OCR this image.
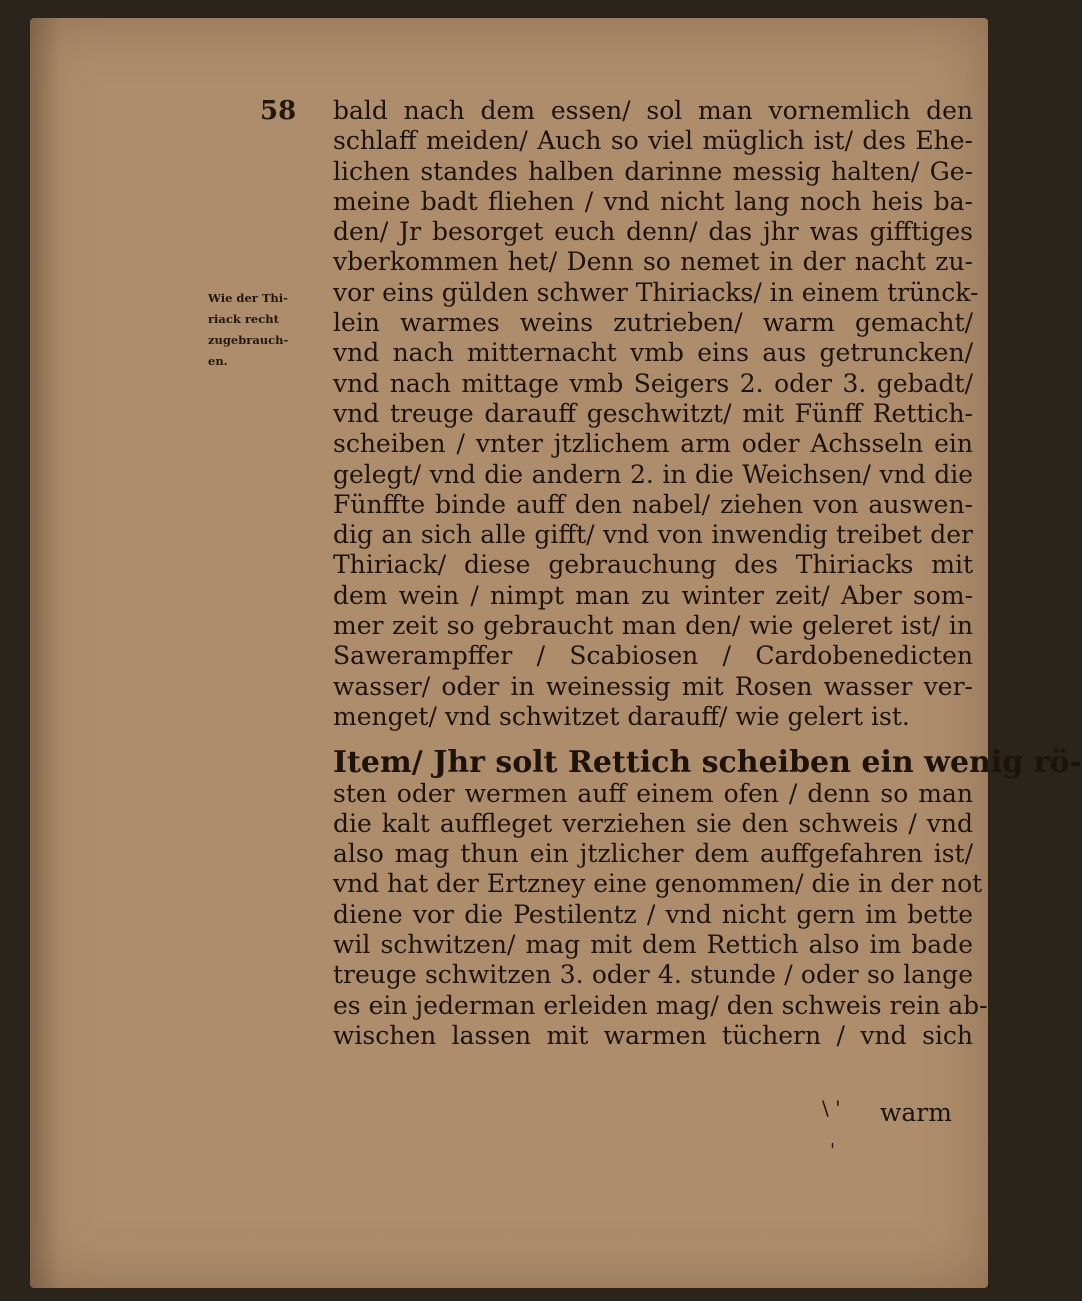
58
Wie der Thi-
riack recht
zugebrauch-
en.
bald nach dem essen/ sol man vornemlich den
schlaff meiden/ Auch so viel müglich ist/ des Ehe-
lichen standes halben darinne messig halten/ Ge-
meine badt fliehen / vnd nicht lang noch heis ba-
den/ Jr besorget euch denn/ das jhr was gifftiges
vberkommen het/ Denn so nemet in der nacht zu-
vor eins gülden schwer Thiriacks/ in einem trünck-
lein warmes weins zutrieben/ warm gemacht/
vnd nach mitternacht vmb eins aus getruncken/
vnd nach mittage vmb Seigers 2. oder 3. gebadt/
vnd treuge darauff geschwitzt/ mit Fünff Rettich-
scheiben / vnter jtzlichem arm oder Achsseln ein
gelegt/ vnd die andern 2. in die Weichsen/ vnd die
Fünffte binde auff den nabel/ ziehen von auswen-
dig an sich alle gifft/ vnd von inwendig treibet der
Thiriack/ diese gebrauchung des Thiriacks mit
dem wein / nimpt man zu winter zeit/ Aber som-
mer zeit so gebraucht man den/ wie geleret ist/ in
Sawerampffer / Scabiosen / Cardobenedicten
wasser/ oder in weinessig mit Rosen wasser ver-
menget/ vnd schwitzet darauff/ wie gelert ist.
Item/ Jhr solt Rettich scheiben ein wenig rö-
sten oder wermen auff einem ofen / denn so man
die kalt auffleget verziehen sie den schweis / vnd
also mag thun ein jtzlicher dem auffgefahren ist/
vnd hat der Ertzney eine genommen/ die in der not
diene vor die Pestilentz / vnd nicht gern im bette
wil schwitzen/ mag mit dem Rettich also im bade
treuge schwitzen 3. oder 4. stunde / oder so lange
es ein jederman erleiden mag/ den schweis rein ab-
wischen lassen mit warmen tüchern / vnd sich
\ '
'
warm
